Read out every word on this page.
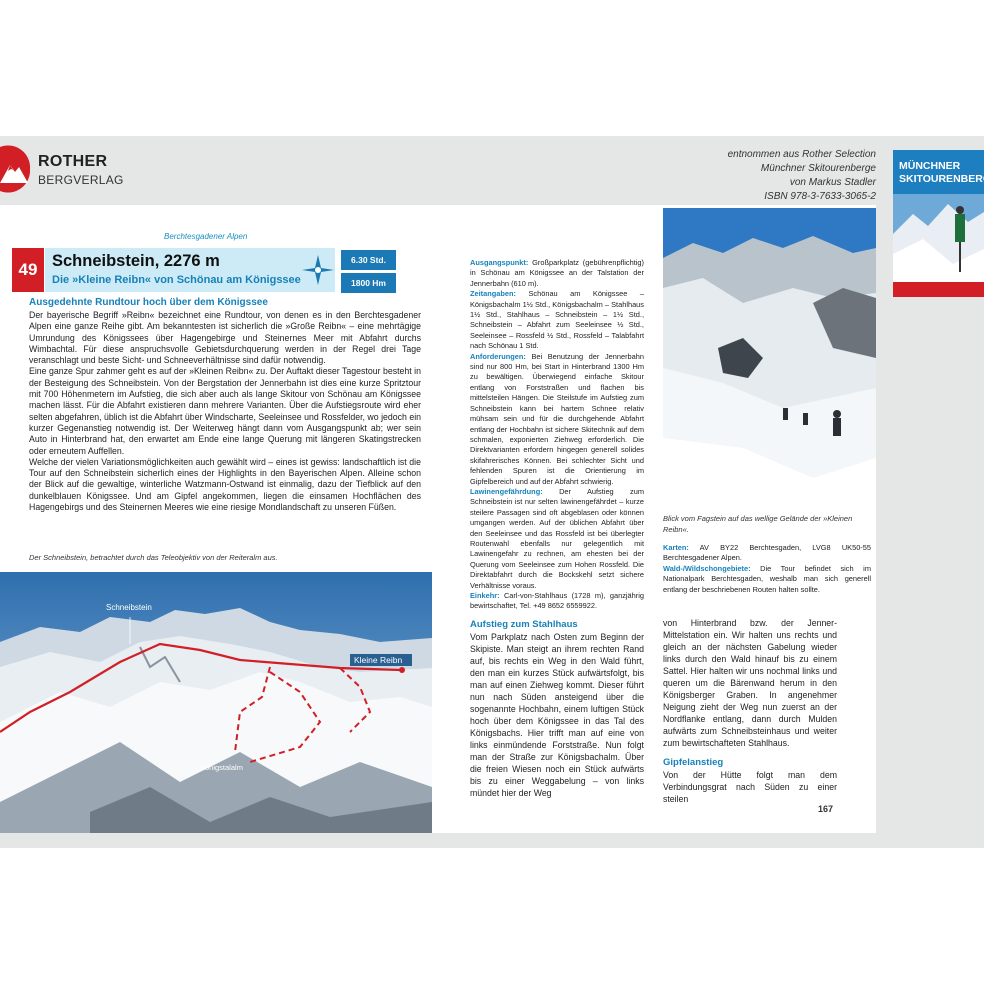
ROTHER
BERGVERLAG
entnommen aus Rother Selection
Münchner Skitourenberge
von Markus Stadler
ISBN 978-3-7633-3065-2
MÜNCHNER
SKITOURENBERGE
Berchtesgadener Alpen
49 Schneibstein, 2276 m
Die »Kleine Reibn« von Schönau am Königssee
6.30 Std.
1800 Hm
Ausgedehnte Rundtour hoch über dem Königssee

Der bayerische Begriff »Reibn« bezeichnet eine Rundtour, von denen es in den Berchtesgadener Alpen eine ganze Reihe gibt. Am bekanntesten ist sicherlich die »Große Reibn« – eine mehrtägige Umrundung des Königssees über Hagengebirge und Steinernes Meer mit Abfahrt durchs Wimbachtal. Für diese anspruchsvolle Gebietsdurchquerung werden in der Regel drei Tage veranschlagt und beste Sicht- und Schneeverhältnisse sind dafür notwendig.

Eine ganze Spur zahmer geht es auf der »Kleinen Reibn« zu. Der Auftakt dieser Tagestour besteht in der Besteigung des Schneibstein. Von der Bergstation der Jennerbahn ist dies eine kurze Spritztour mit 700 Höhenmetern im Aufstieg, die sich aber auch als lange Skitour von Schönau am Königssee machen lässt. Für die Abfahrt existieren dann mehrere Varianten. Über die Aufstiegsroute wird eher selten abgefahren, üblich ist die Abfahrt über Windscharte, Seeleinsee und Rossfelder, wo jedoch ein kurzer Gegenanstieg notwendig ist. Der Weiterweg hängt dann vom Ausgangspunkt ab; wer sein Auto in Hinterbrand hat, den erwartet am Ende eine lange Querung mit längeren Skatingstrecken oder erneutem Auffellen.

Welche der vielen Variationsmöglichkeiten auch gewählt wird – eines ist gewiss: landschaftlich ist die Tour auf den Schneibstein sicherlich eines der Highlights in den Bayerischen Alpen. Alleine schon der Blick auf die gewaltige, winterliche Watzmann-Ostwand ist einmalig, dazu der Tiefblick auf den dunkelblauen Königssee. Und am Gipfel angekommen, liegen die einsamen Hochflächen des Hagengebirgs und des Steinernen Meeres wie eine riesige Mondlandschaft zu unseren Füßen.

Der Schneibstein, betrachtet durch das Teleobjektiv von der Reiteralm aus.
Schneibstein
Kleine Reibn
Königstalalm

Ausgangspunkt: Großparkplatz (gebührenpflichtig) in Schönau am Königssee an der Talstation der Jennerbahn (610 m).

Zeitangaben: Schönau am Königssee – Königsbachalm 1½ Std., Königsbachalm – Stahlhaus 1½ Std., Stahlhaus – Schneibstein – 1½ Std., Schneibstein – Abfahrt zum Seeleinsee ½ Std., Seeleinsee – Rossfeld ½ Std., Rossfeld – Talabfahrt nach Schönau 1 Std.

Anforderungen: Bei Benutzung der Jennerbahn sind nur 800 Hm, bei Start in Hinterbrand 1300 Hm zu bewältigen. Überwiegend einfache Skitour entlang von Forststraßen und flachen bis mittelsteilen Hängen. Die Steilstufe im Aufstieg zum Schneibstein kann bei hartem Schnee relativ mühsam sein und für die durchgehende Abfahrt entlang der Hochbahn ist sichere Skitechnik auf dem schmalen, exponierten Ziehweg erforderlich. Die Direktvarianten erfordern hingegen generell solides skifahrerisches Können. Bei schlechter Sicht und fehlenden Spuren ist die Orientierung im Gipfelbereich und auf der Abfahrt schwierig.

Lawinengefährdung: Der Aufstieg zum Schneibstein ist nur selten lawinengefährdet – kurze steilere Passagen sind oft abgeblasen oder können umgangen werden. Auf der üblichen Abfahrt über den Seeleinsee und das Rossfeld ist bei überlegter Routenwahl ebenfalls nur gelegentlich mit Lawinengefahr zu rechnen, am ehesten bei der Querung vom Seeleinsee zum Hohen Rossfeld. Die Direktabfahrt durch die Bockskehl setzt sichere Verhältnisse voraus.

Einkehr: Carl-von-Stahlhaus (1728 m), ganzjährig bewirtschaftet, Tel. +49 8652 6559922.

Blick vom Fagstein auf das wellige Gelände der »Kleinen Reibn«.

Karten: AV BY22 Berchtesgaden, LVG8 UK50-55 Berchtesgadener Alpen.

Wald-/Wildschongebiete: Die Tour befindet sich im Nationalpark Berchtesgaden, weshalb man sich generell entlang der beschriebenen Routen halten sollte.

Aufstieg zum Stahlhaus
Vom Parkplatz nach Osten zum Beginn der Skipiste. Man steigt an ihrem rechten Rand auf, bis rechts ein Weg in den Wald führt, den man ein kurzes Stück aufwärtsfolgt, bis man auf einen Ziehweg kommt. Dieser führt nun nach Süden ansteigend über die sogenannte Hochbahn, einem luftigen Stück hoch über dem Königssee in das Tal des Königsbachs. Hier trifft man auf eine von links einmündende Forststraße. Nun folgt man der Straße zur Königsbachalm. Über die freien Wiesen noch ein Stück aufwärts bis zu einer Weggabelung – von links mündet hier der Weg
von Hinterbrand bzw. der Jenner-Mittelstation ein. Wir halten uns rechts und gleich an der nächsten Gabelung wieder links durch den Wald hinauf bis zu einem Sattel. Hier halten wir uns nochmal links und queren um die Bärenwand herum in den Königsberger Graben. In angenehmer Neigung zieht der Weg nun zuerst an der Nordflanke entlang, dann durch Mulden aufwärts zum Schneibsteinhaus und weiter zum bewirtschafteten Stahlhaus.
Gipfelanstieg
Von der Hütte folgt man dem Verbindungsgrat nach Süden zu einer steilen
167
